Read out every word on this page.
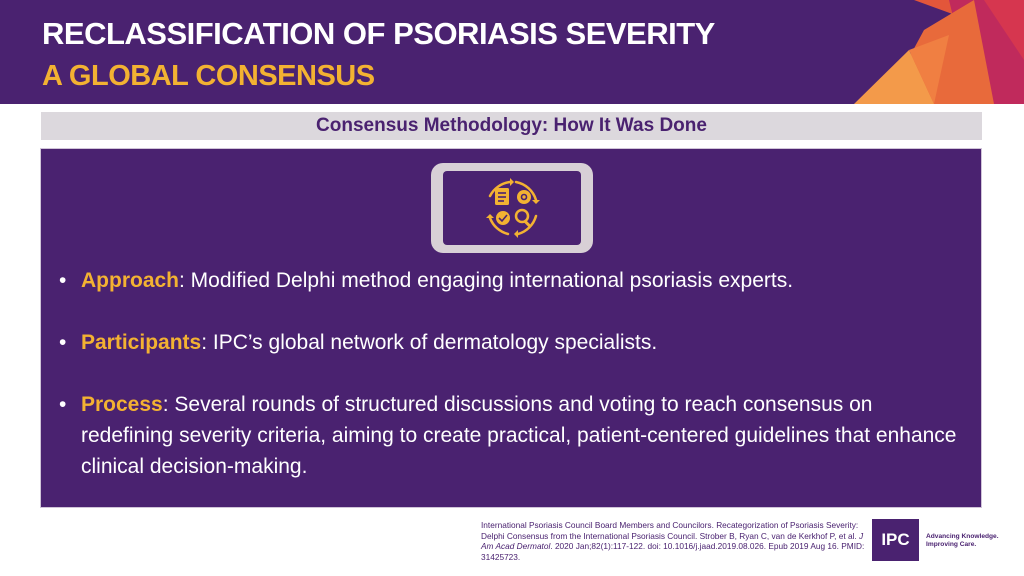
RECLASSIFICATION OF PSORIASIS SEVERITY
A GLOBAL CONSENSUS
Consensus Methodology: How It Was Done
• Approach: Modified Delphi method engaging international psoriasis experts.
• Participants: IPC’s global network of dermatology specialists.
• Process: Several rounds of structured discussions and voting to reach consensus on redefining severity criteria, aiming to create practical, patient-centered guidelines that enhance clinical decision-making.
International Psoriasis Council Board Members and Councilors. Recategorization of Psoriasis Severity: Delphi Consensus from the International Psoriasis Council. Strober B, Ryan C, van de Kerkhof P, et al. J Am Acad Dermatol. 2020 Jan;82(1):117-122. doi: 10.1016/j.jaad.2019.08.026. Epub 2019 Aug 16. PMID: 31425723.
IPC	Advancing Knowledge.
Improving Care.
